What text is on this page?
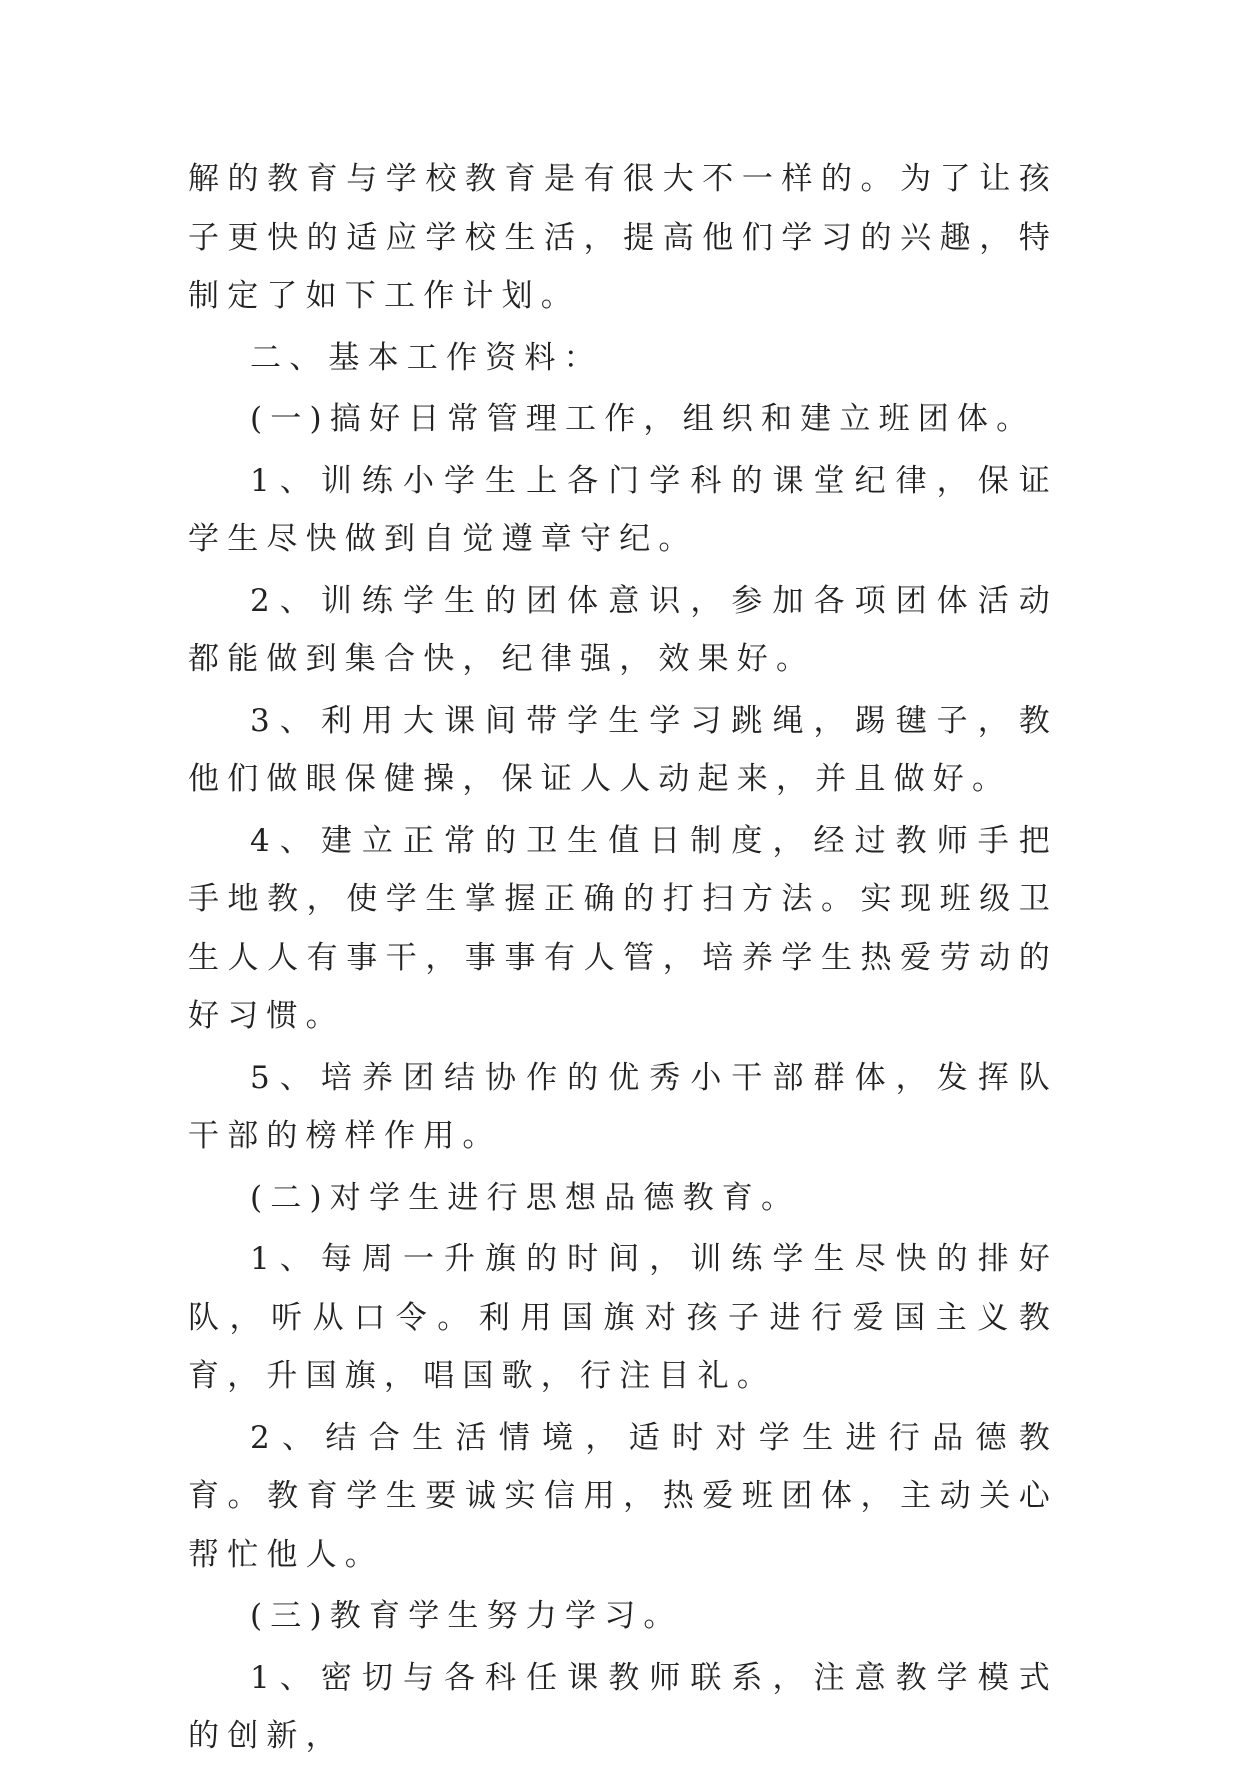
解的教育与学校教育是有很大不一样的。为了让孩子更快的适应学校生活，提高他们学习的兴趣，特制定了如下工作计划。

二、基本工作资料：

(一)搞好日常管理工作，组织和建立班团体。

1、训练小学生上各门学科的课堂纪律，保证学生尽快做到自觉遵章守纪。

2、训练学生的团体意识，参加各项团体活动都能做到集合快，纪律强，效果好。

3、利用大课间带学生学习跳绳，踢毽子，教他们做眼保健操，保证人人动起来，并且做好。

4、建立正常的卫生值日制度，经过教师手把手地教，使学生掌握正确的打扫方法。实现班级卫生人人有事干，事事有人管，培养学生热爱劳动的好习惯。

5、培养团结协作的优秀小干部群体，发挥队干部的榜样作用。

(二)对学生进行思想品德教育。

1、每周一升旗的时间，训练学生尽快的排好队，听从口令。利用国旗对孩子进行爱国主义教育，升国旗，唱国歌，行注目礼。

2、结合生活情境，适时对学生进行品德教育。教育学生要诚实信用，热爱班团体，主动关心帮忙他人。

(三)教育学生努力学习。

1、密切与各科任课教师联系，注意教学模式的创新，
